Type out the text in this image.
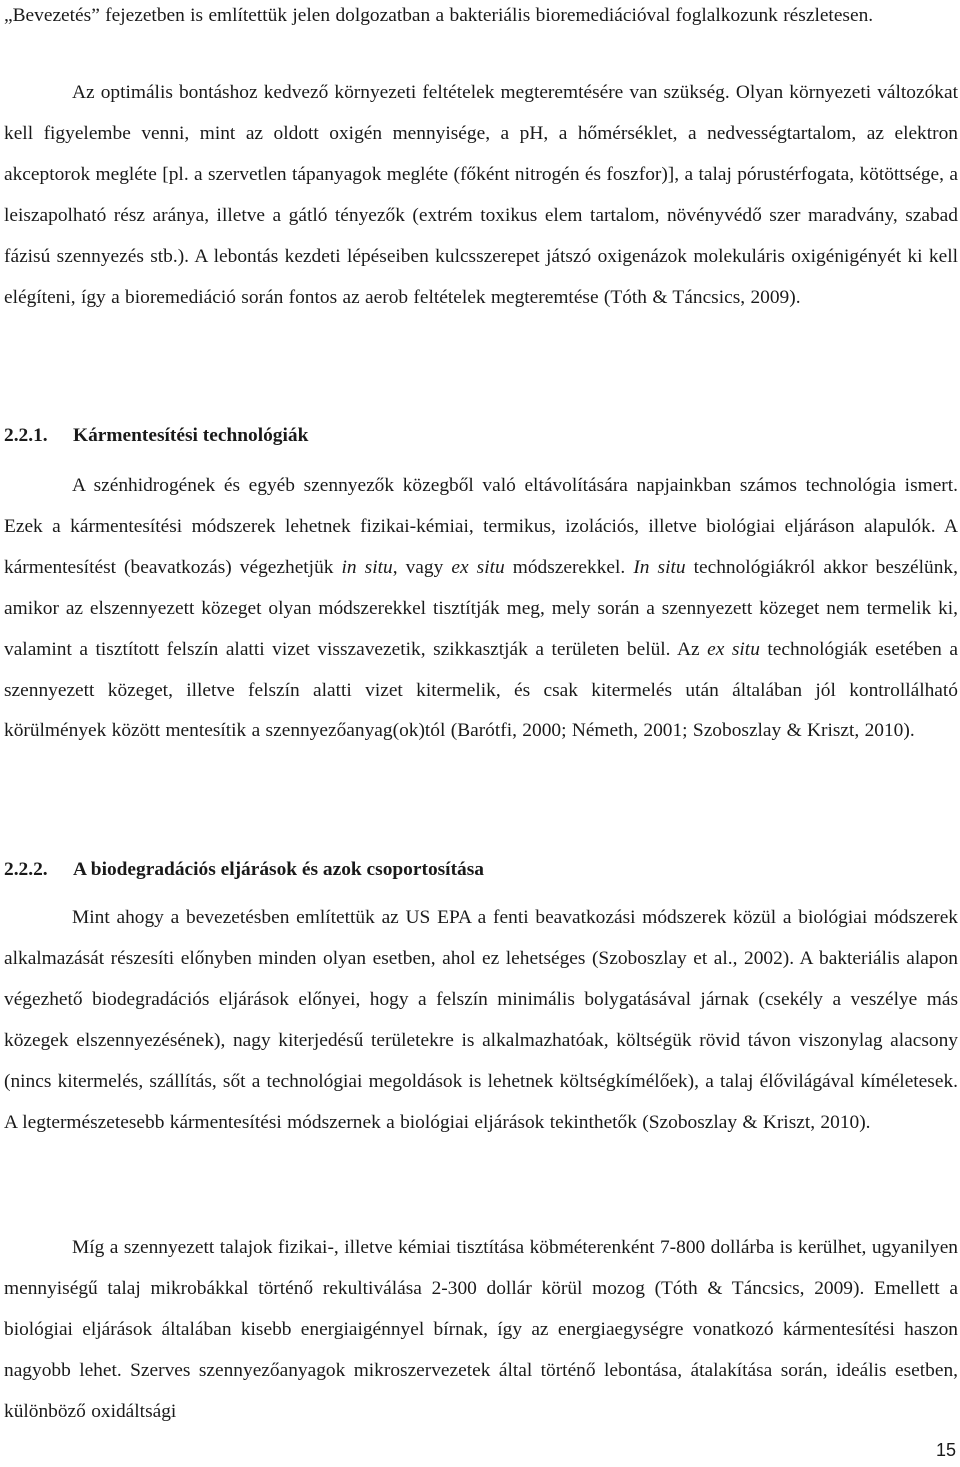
„Bevezetés” fejezetben is említettük jelen dolgozatban a bakteriális bioremediációval foglalkozunk részletesen.

Az optimális bontáshoz kedvező környezeti feltételek megteremtésére van szükség. Olyan környezeti változókat kell figyelembe venni, mint az oldott oxigén mennyisége, a pH, a hőmérséklet, a nedvességtartalom, az elektron akceptorok megléte [pl. a szervetlen tápanyagok megléte (főként nitrogén és foszfor)], a talaj pórustérfogata, kötöttsége, a leiszapolható rész aránya, illetve a gátló tényezők (extrém toxikus elem tartalom, növényvédő szer maradvány, szabad fázisú szennyezés stb.). A lebontás kezdeti lépéseiben kulcsszerepet játszó oxigenázok molekuláris oxigénigényét ki kell elégíteni, így a bioremediáció során fontos az aerob feltételek megteremtése (Tóth & Táncsics, 2009).

2.2.1. Kármentesítési technológiák

A szénhidrogének és egyéb szennyezők közegből való eltávolítására napjainkban számos technológia ismert. Ezek a kármentesítési módszerek lehetnek fizikai-kémiai, termikus, izolációs, illetve biológiai eljáráson alapulók. A kármentesítést (beavatkozás) végezhetjük in situ, vagy ex situ módszerekkel. In situ technológiákról akkor beszélünk, amikor az elszennyezett közeget olyan módszerekkel tisztítják meg, mely során a szennyezett közeget nem termelik ki, valamint a tisztított felszín alatti vizet visszavezetik, szikkasztják a területen belül. Az ex situ technológiák esetében a szennyezett közeget, illetve felszín alatti vizet kitermelik, és csak kitermelés után általában jól kontrollálható körülmények között mentesítik a szennyezőanyag(ok)tól (Barótfi, 2000; Németh, 2001; Szoboszlay & Kriszt, 2010).

2.2.2. A biodegradációs eljárások és azok csoportosítása

Mint ahogy a bevezetésben említettük az US EPA a fenti beavatkozási módszerek közül a biológiai módszerek alkalmazását részesíti előnyben minden olyan esetben, ahol ez lehetséges (Szoboszlay et al., 2002). A bakteriális alapon végezhető biodegradációs eljárások előnyei, hogy a felszín minimális bolygatásával járnak (csekély a veszélye más közegek elszennyezésének), nagy kiterjedésű területekre is alkalmazhatóak, költségük rövid távon viszonylag alacsony (nincs kitermelés, szállítás, sőt a technológiai megoldások is lehetnek költségkímélőek), a talaj élővilágával kíméletesek. A legtermészetesebb kármentesítési módszernek a biológiai eljárások tekinthetők (Szoboszlay & Kriszt, 2010).

Míg a szennyezett talajok fizikai-, illetve kémiai tisztítása köbméterenként 7-800 dollárba is kerülhet, ugyanilyen mennyiségű talaj mikrobákkal történő rekultiválása 2-300 dollár körül mozog (Tóth & Táncsics, 2009). Emellett a biológiai eljárások általában kisebb energiaigénnyel bírnak, így az energiaegységre vonatkozó kármentesítési haszon nagyobb lehet. Szerves szennyezőanyagok mikroszervezetek által történő lebontása, átalakítása során, ideális esetben, különböző oxidáltsági

15
